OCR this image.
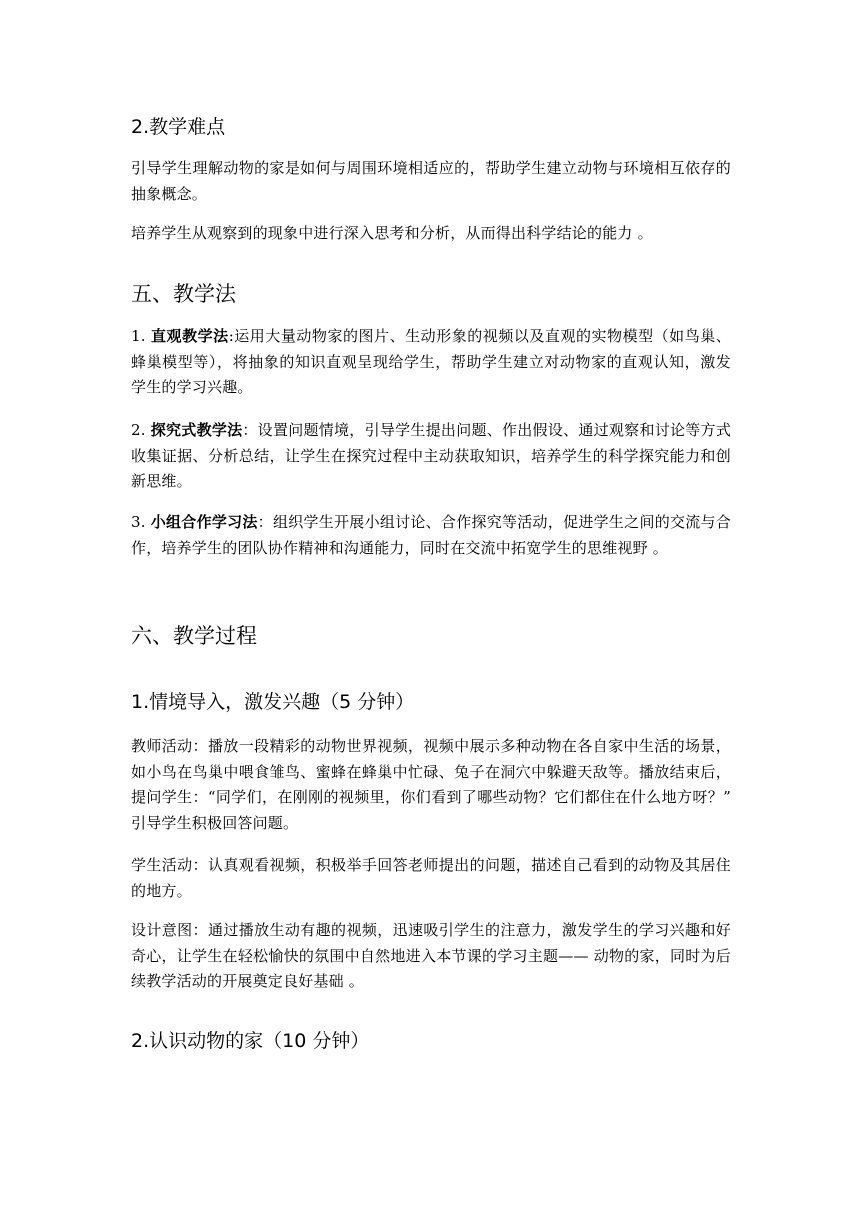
2.教学难点

引导学生理解动物的家是如何与周围环境相适应的，帮助学生建立动物与环境相互依存的抽象概念。

培养学生从观察到的现象中进行深入思考和分析，从而得出科学结论的能力 。

五、教学法

1. 直观教学法:运用大量动物家的图片、生动形象的视频以及直观的实物模型（如鸟巢、蜂巢模型等），将抽象的知识直观呈现给学生，帮助学生建立对动物家的直观认知，激发学生的学习兴趣。

2. 探究式教学法：设置问题情境，引导学生提出问题、作出假设、通过观察和讨论等方式收集证据、分析总结，让学生在探究过程中主动获取知识，培养学生的科学探究能力和创新思维。

3. 小组合作学习法：组织学生开展小组讨论、合作探究等活动，促进学生之间的交流与合作，培养学生的团队协作精神和沟通能力，同时在交流中拓宽学生的思维视野 。

六、教学过程
1.情境导入，激发兴趣（5 分钟）

教师活动：播放一段精彩的动物世界视频，视频中展示多种动物在各自家中生活的场景，如小鸟在鸟巢中喂食雏鸟、蜜蜂在蜂巢中忙碌、兔子在洞穴中躲避天敌等。播放结束后，提问学生：“同学们，在刚刚的视频里，你们看到了哪些动物？它们都住在什么地方呀？” 引导学生积极回答问题。

学生活动：认真观看视频，积极举手回答老师提出的问题，描述自己看到的动物及其居住的地方。

设计意图：通过播放生动有趣的视频，迅速吸引学生的注意力，激发学生的学习兴趣和好奇心，让学生在轻松愉快的氛围中自然地进入本节课的学习主题—— 动物的家，同时为后续教学活动的开展奠定良好基础 。

2.认识动物的家（10 分钟）
